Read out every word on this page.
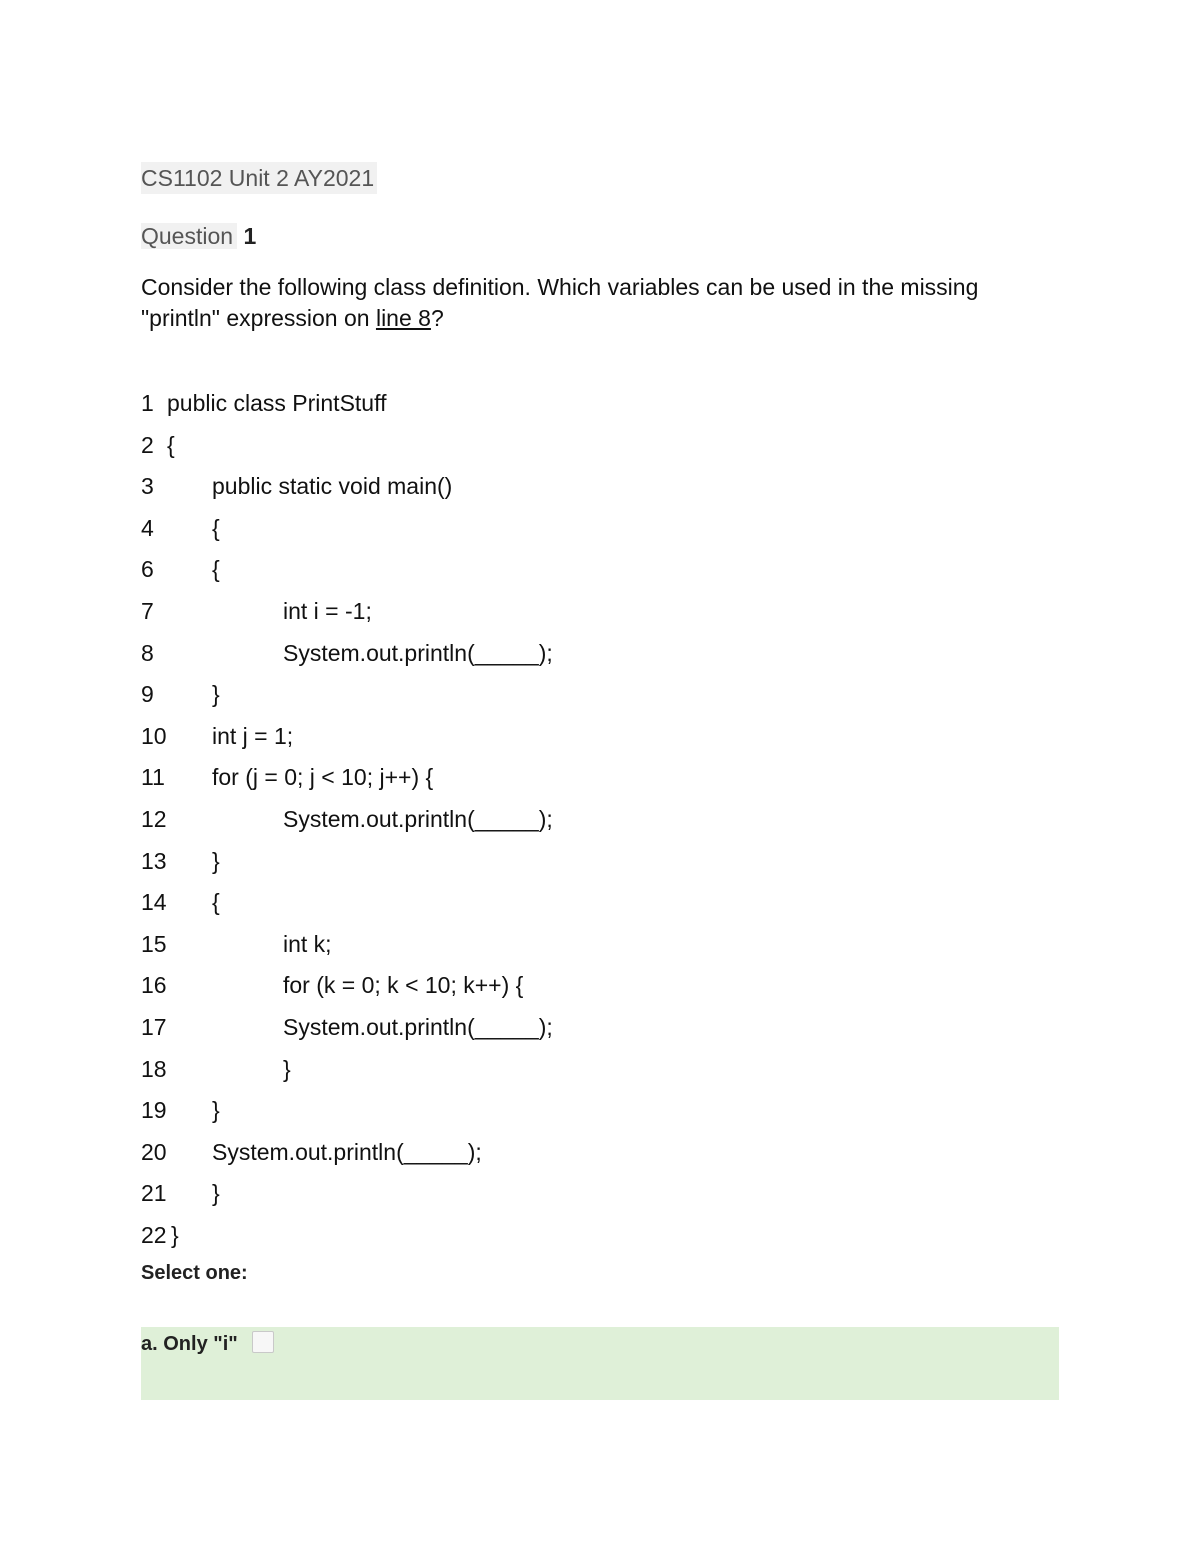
CS1102 Unit 2 AY2021
Question 1
Consider the following class definition. Which variables can be used in the missing "println" expression on line 8?
1 public class PrintStuff
2 {
3	public static void main()
4	{
6	{
7	int i = -1;
8	System.out.println(_____);
9	}
10 int j = 1;
11 for (j = 0; j < 10; j++) {
12	System.out.println(_____);
13 }
14 {
15	int k;
16	for (k = 0; k < 10; k++) {
17	System.out.println(_____);
18	}
19 }
20 System.out.println(_____);
21 }
22 }
Select one:
a. Only "i"
